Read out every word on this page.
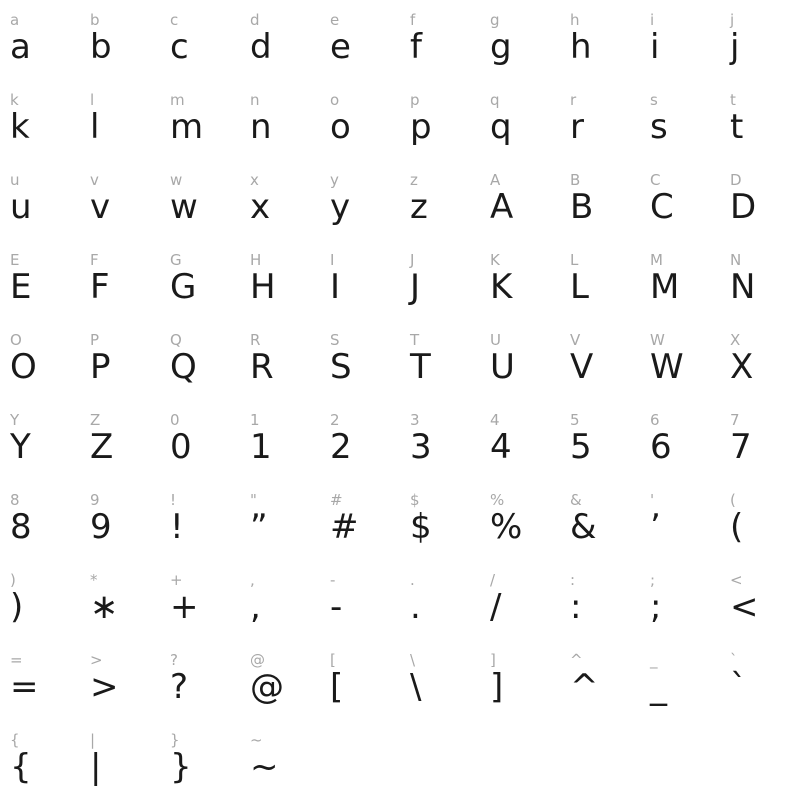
a
a
b
b
c
c
d
d
e
e
f
f
g
g
h
h
i
i
j
j
k
k
l
l
m
m
n
n
o
o
p
p
q
q
r
r
s
s
t
t
u
u
v
v
w
w
x
x
y
y
z
z
A
A
B
B
C
C
D
D
E
E
F
F
G
G
H
H
I
I
J
J
K
K
L
L
M
M
N
N
O
O
P
P
Q
Q
R
R
S
S
T
T
U
U
V
V
W
W
X
X
Y
Y
Z
Z
0
0
1
1
2
2
3
3
4
4
5
5
6
6
7
7
8
8
9
9
!
!
"
”
#
#
$
$
%
%
&
&
'
’
(
(
)
)
*
∗
+
+
,
,
-
-
.
.
/
/
:
:
;
;
<
<
=
=
>
>
?
?
@
@
[
[
\
\
]
]
^
^
_
_
`
`
{
{
|
|
}
}
~
~
